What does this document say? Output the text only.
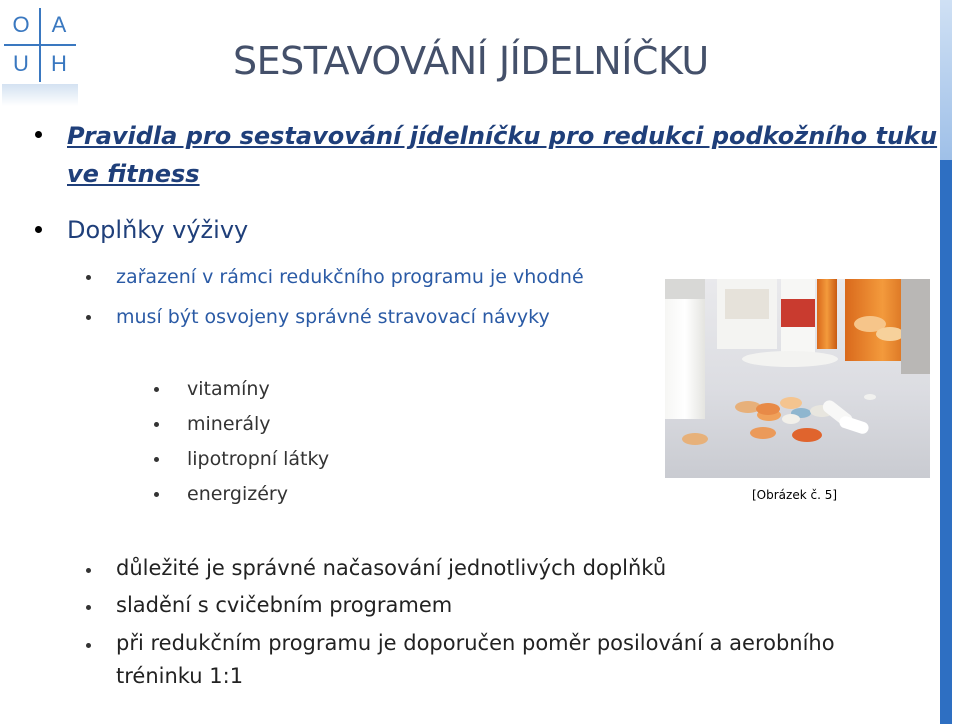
O	A
U	H	SESTAVOVÁNÍ JÍDELNÍČKU
Pravidla pro sestavování jídelníčku pro redukci podkožního tuku
ve fitness
Doplňky výživy
zařazení v rámci redukčního programu je vhodné
musí být osvojeny správné stravovací návyky
vitamíny
minerály
lipotropní látky
energizéry	[Obrázek č. 5]
důležité je správné načasování jednotlivých doplňků
sladění s cvičebním programem
při redukčním programu je doporučen poměr posilování a aerobního
tréninku 1:1
